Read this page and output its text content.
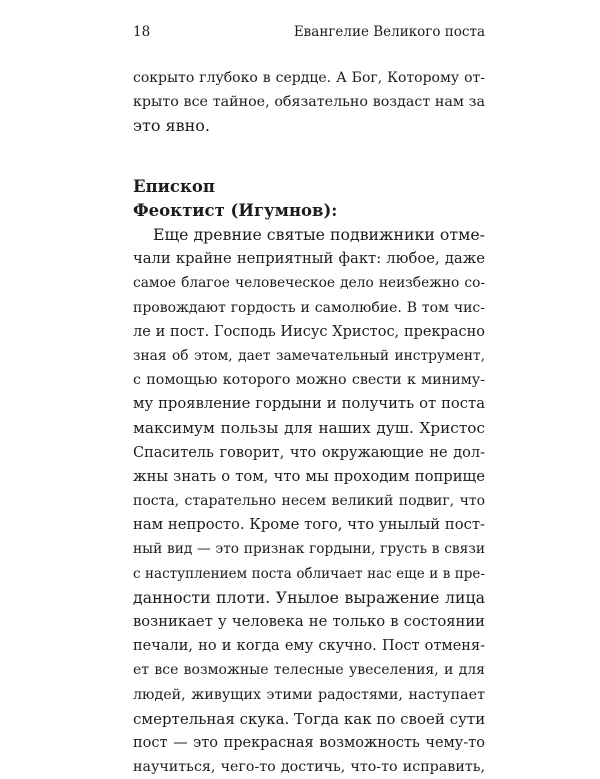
18	Евангелие Великого поста
сокрыто глубоко в сердце. А Бог, Которому от-
крыто все тайное, обязательно воздаст нам за
это явно.
Епископ
Феоктист (Игумнов):
Еще древние святые подвижники отме-
чали крайне неприятный факт: любое, даже
самое благое человеческое дело неизбежно со-
провождают гордость и самолюбие. В том чис-
ле и пост. Господь Иисус Христос, прекрасно
зная об этом, дает замечательный инструмент,
с помощью которого можно свести к миниму-
му проявление гордыни и получить от поста
максимум пользы для наших душ. Христос
Спаситель говорит, что окружающие не дол-
жны знать о том, что мы проходим поприще
поста, старательно несем великий подвиг, что
нам непросто. Кроме того, что унылый пост-
ный вид — это признак гордыни, грусть в связи
с наступлением поста обличает нас еще и в пре-
данности плоти. Унылое выражение лица
возникает у человека не только в состоянии
печали, но и когда ему скучно. Пост отменя-
ет все возможные телесные увеселения, и для
людей, живущих этими радостями, наступает
смертельная скука. Тогда как по своей сути
пост — это прекрасная возможность чему-то
научиться, чего-то достичь, что-то исправить,
